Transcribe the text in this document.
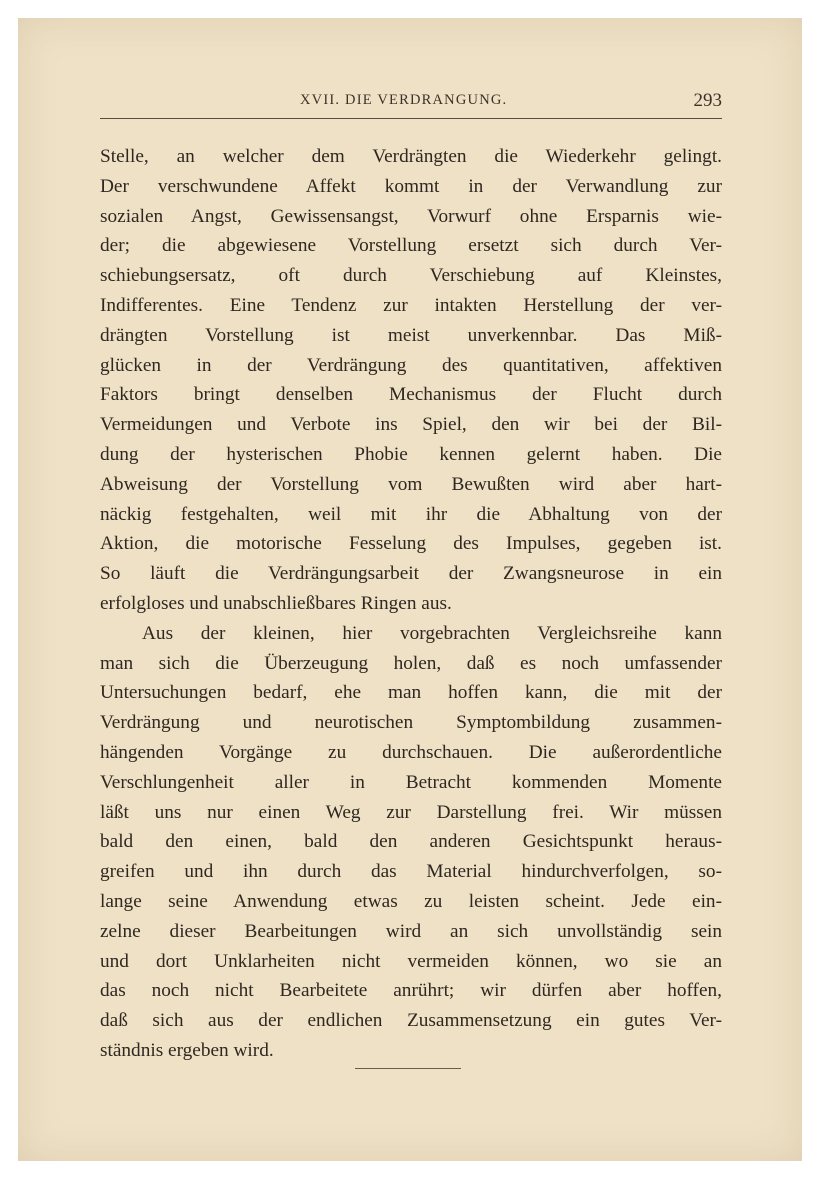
XVII. DIE VERDRANGUNG.	293
Stelle, an welcher dem Verdrängten die Wiederkehr gelingt.
Der verschwundene Affekt kommt in der Verwandlung zur
sozialen Angst, Gewissensangst, Vorwurf ohne Ersparnis wie-
der; die abgewiesene Vorstellung ersetzt sich durch Ver-
schiebungsersatz, oft durch Verschiebung auf Kleinstes,
Indifferentes. Eine Tendenz zur intakten Herstellung der ver-
drängten Vorstellung ist meist unverkennbar. Das Miß-
glücken in der Verdrängung des quantitativen, affektiven
Faktors bringt denselben Mechanismus der Flucht durch
Vermeidungen und Verbote ins Spiel, den wir bei der Bil-
dung der hysterischen Phobie kennen gelernt haben. Die
Abweisung der Vorstellung vom Bewußten wird aber hart-
näckig festgehalten, weil mit ihr die Abhaltung von der
Aktion, die motorische Fesselung des Impulses, gegeben ist.
So läuft die Verdrängungsarbeit der Zwangsneurose in ein
erfolgloses und unabschließbares Ringen aus.
Aus der kleinen, hier vorgebrachten Vergleichsreihe kann
man sich die Überzeugung holen, daß es noch umfassender
Untersuchungen bedarf, ehe man hoffen kann, die mit der
Verdrängung und neurotischen Symptombildung zusammen-
hängenden Vorgänge zu durchschauen. Die außerordentliche
Verschlungenheit aller in Betracht kommenden Momente
läßt uns nur einen Weg zur Darstellung frei. Wir müssen
bald den einen, bald den anderen Gesichtspunkt heraus-
greifen und ihn durch das Material hindurchverfolgen, so-
lange seine Anwendung etwas zu leisten scheint. Jede ein-
zelne dieser Bearbeitungen wird an sich unvollständig sein
und dort Unklarheiten nicht vermeiden können, wo sie an
das noch nicht Bearbeitete anrührt; wir dürfen aber hoffen,
daß sich aus der endlichen Zusammensetzung ein gutes Ver-
ständnis ergeben wird.
